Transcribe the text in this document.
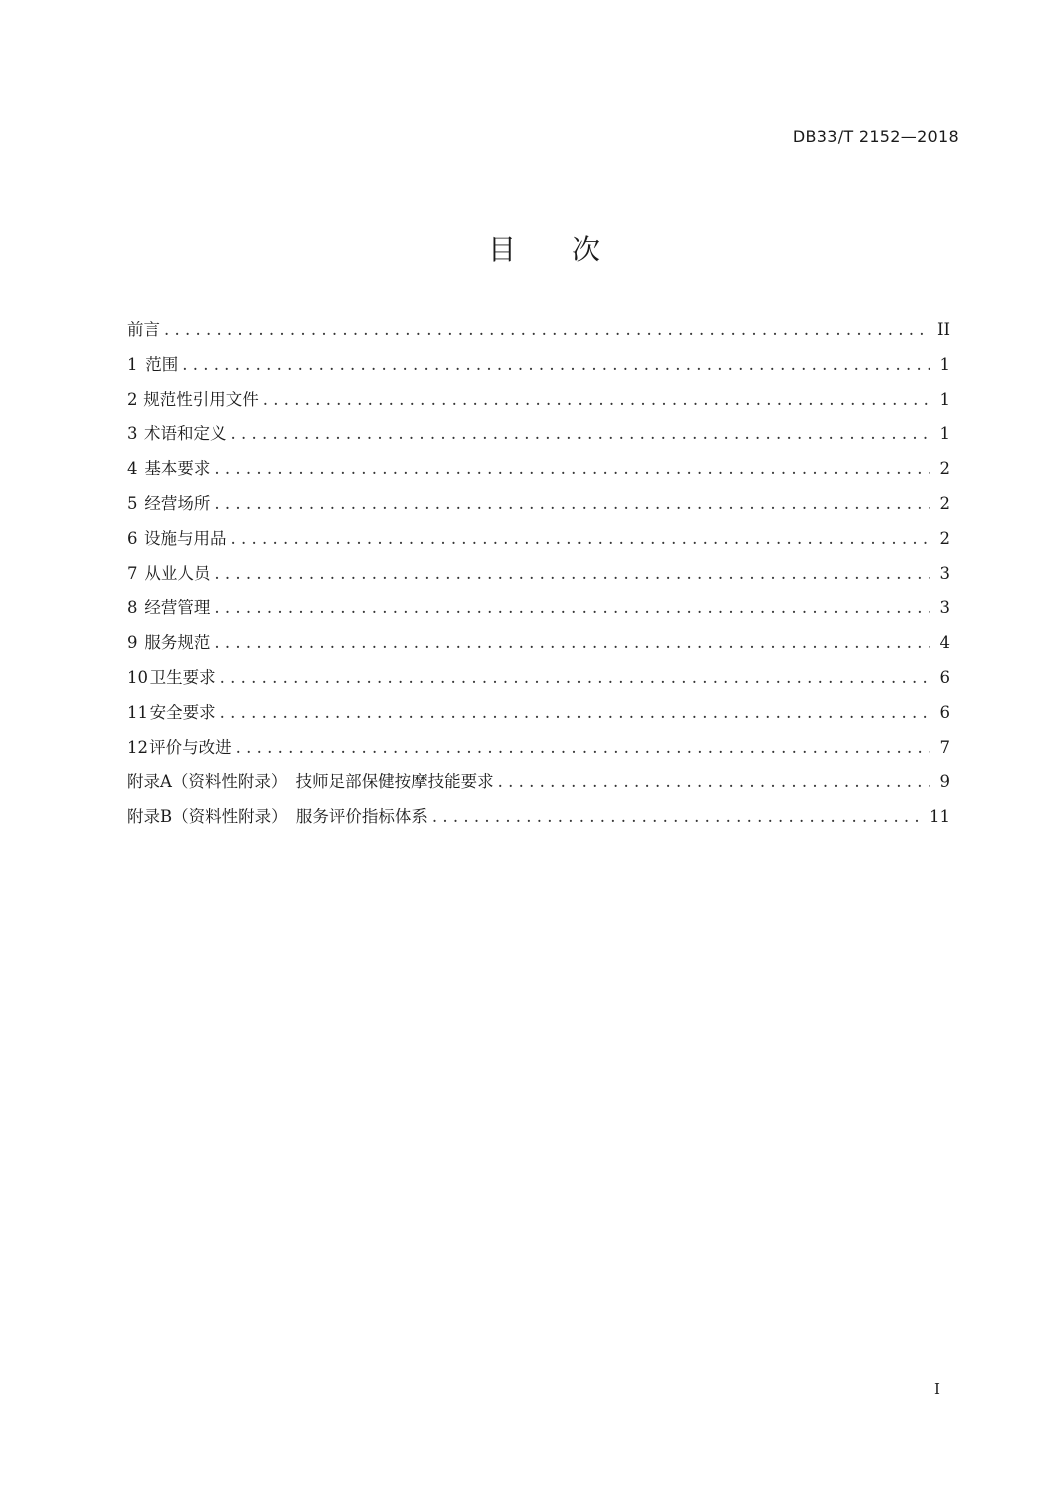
DB33/T 2152—2018
目 次
前言 . . .	II
1 范围 . . .	1
2 规范性引用文件 . . .	1
3 术语和定义 . . .	1
4 基本要求 . . .	2
5 经营场所 . . .	2
6 设施与用品 . . .	2
7 从业人员 . . .	3
8 经营管理 . . .	3
9 服务规范 . . .	4
10 卫生要求 . . .	6
11 安全要求 . . .	6
12 评价与改进 . . .	7
附录A（资料性附录）　技师足部保健按摩技能要求 . . .	9
附录B（资料性附录）　服务评价指标体系 . . .	11
I
